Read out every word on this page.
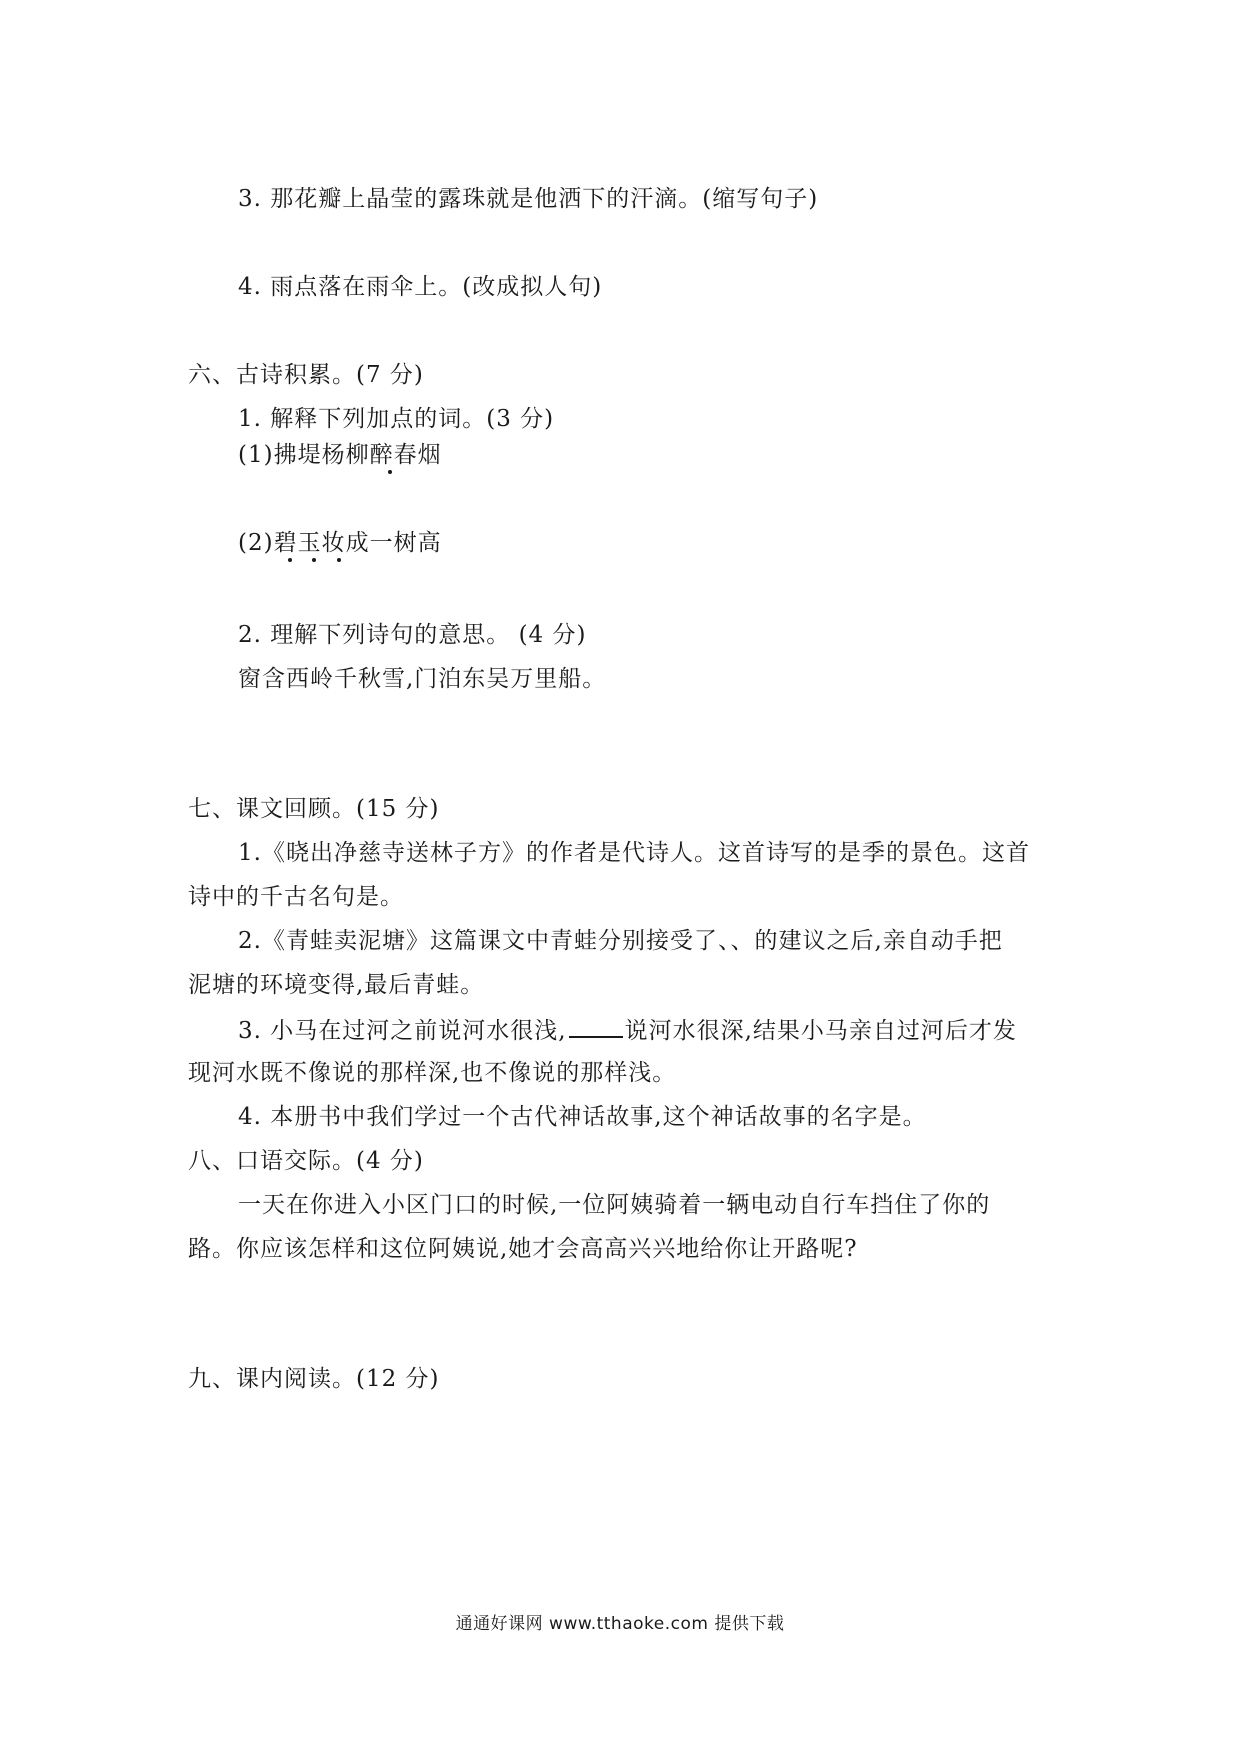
3. 那花瓣上晶莹的露珠就是他洒下的汗滴。(缩写句子)
4. 雨点落在雨伞上。(改成拟人句)
六、古诗积累。(7 分)
1. 解释下列加点的词。(3 分)
(1)拂堤杨柳醉春烟
(2)碧玉妆成一树高
2. 理解下列诗句的意思。 (4 分)
窗含西岭千秋雪,门泊东吴万里船。
七、课文回顾。(15 分)
1.《晓出净慈寺送林子方》的作者是代诗人。这首诗写的是季的景色。这首
诗中的千古名句是。
2.《青蛙卖泥塘》这篇课文中青蛙分别接受了、、的建议之后,亲自动手把
泥塘的环境变得,最后青蛙。
3. 小马在过河之前说河水很浅,	说河水很深,结果小马亲自过河后才发
现河水既不像说的那样深,也不像说的那样浅。
4. 本册书中我们学过一个古代神话故事,这个神话故事的名字是。
八、口语交际。(4 分)
一天在你进入小区门口的时候,一位阿姨骑着一辆电动自行车挡住了你的
路。你应该怎样和这位阿姨说,她才会高高兴兴地给你让开路呢?
九、课内阅读。(12 分)
通通好课网 www.tthaoke.com 提供下载
